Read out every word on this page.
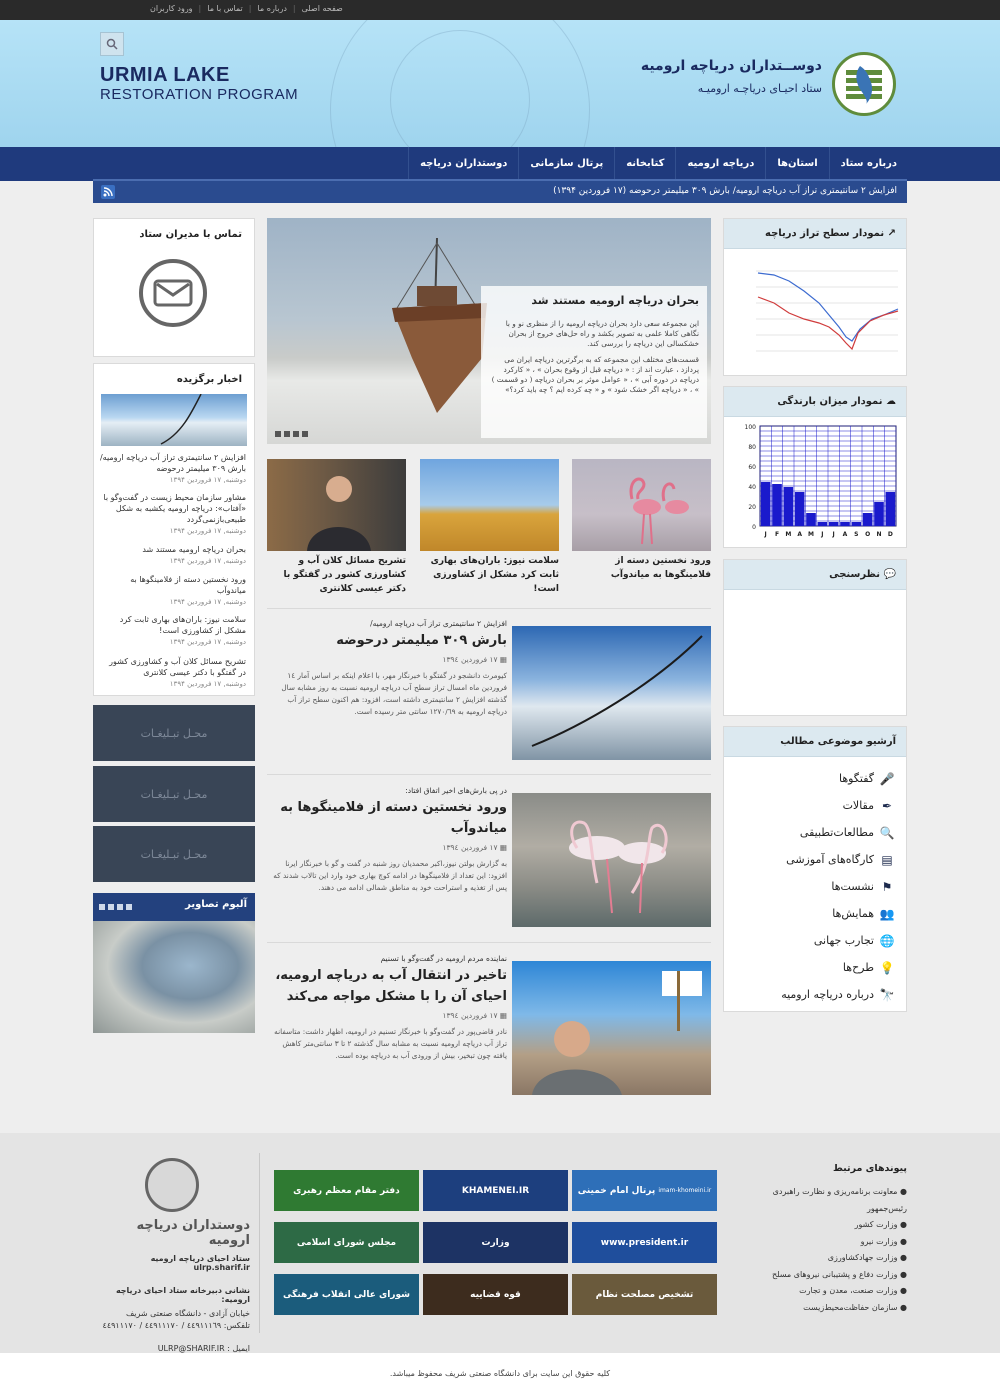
صفحه اصلی
|
درباره ما
|
تماس با ما
|
ورود کاربران
URMIA LAKE
RESTORATION PROGRAM
دوســتداران دریاچه ارومیه
ستاد احیـای دریاچـه ارومیـه
درباره ستاد
استان‌ها
دریاچه ارومیه
کتابخانه
پرتال سازمانی
دوستداران دریاچه
افزایش ۲ سانتیمتری تراز آب دریاچه ارومیه/ بارش ۳۰۹ میلیمتر درحوضه (۱۷ فروردین ۱۳۹۴)
تماس با مدیران ستاد
اخبار برگزیده
افزایش ۲ سانتیمتری تراز آب دریاچه ارومیه/بارش ۳۰۹ میلیمتر درحوضه
دوشنبه, ۱۷ فروردین ۱۳۹۴
مشاور سازمان محیط زیست در گفت‌وگو با «آفتاب»: دریاچه ارومیه یکشبه به شکل طبیعی‌بازنمی‌گردد
دوشنبه, ۱۷ فروردین ۱۳۹۴
بحران دریاچه ارومیه مستند شد
دوشنبه, ۱۷ فروردین ۱۳۹۴
ورود نخستین دسته از فلامینگوها به میاندوآب
دوشنبه, ۱۷ فروردین ۱۳۹۴
سلامت نیوز: باران‌های بهاری ثابت کرد مشکل از کشاورزی است!
دوشنبه, ۱۷ فروردین ۱۳۹۴
تشریح مسائل کلان آب و کشاورزی کشور در گفتگو با دکتر عیسی کلانتری
دوشنبه, ۱۷ فروردین ۱۳۹۴
محـل تبـلیغـات
محـل تبـلیغـات
محـل تبـلیغـات
آلبوم تصاویر
بحران دریاچه ارومیه مستند شد
این مجموعه سعی دارد بحران دریاچه ارومیه را از منظری نو و با نگاهی کاملا علمی به تصویر بکشد و راه حل‌های خروج از بحران خشکسالی این دریاچه را بررسی کند.
قسمت‌های مختلف این مجموعه که به برگرترین دریاچه ایران می پردازد ، عبارت اند از : « دریاچه قبل از وقوع بحران » ، « کارکرد دریاچه در دوره آبی » ، « عوامل موثر بر بحران دریاچه ( دو قسمت ) » ، « دریاچه اگر خشک شود » و « چه کرده ایم ؟ چه باید کرد؟»
ورود نخستین دسته از فلامینگوها به میاندوآب
سلامت نیوز: باران‌های بهاری ثابت کرد مشکل از کشاورزی است!
تشریح مسائل کلان آب و کشاورزی کشور در گفتگو با دکتر عیسی کلانتری
افزایش ۲ سانتیمتری تراز آب دریاچه ارومیه/
بارش ۳۰۹ میلیمتر درحوضه
▦ ۱۷ فروردین ۱۳۹٤
کیومرث دانشجو در گفتگو با خبرنگار مهر، با اعلام اینکه بر اساس آمار ۱٤ فروردین ماه امسال تراز سطح آب دریاچه ارومیه نسبت به روز مشابه سال گذشته افزایش ۲ سانتیمتری داشته است، افزود: هم اکنون سطح تراز آب دریاچه ارومیه به ۱۲۷۰/٦۹ سانتی متر رسیده است.
در پی بارش‌های اخیر اتفاق افتاد:
ورود نخستین دسته از فلامینگوها به میاندوآب
▦ ۱۷ فروردین ۱۳۹٤
به گزارش بولتن نیوز،اکبر محمدیان روز شنبه در گفت و گو با خبرنگار ایرنا افزود: این تعداد از فلامینگوها در ادامه کوچ بهاری خود وارد این تالاب شدند که پس از تغذیه و استراحت خود به مناطق شمالی ادامه می دهند.
نماینده مردم ارومیه در گفت‌وگو با تسنیم
تاخیر در انتقال آب به دریاچه ارومیه، احیای آن را با مشکل مواجه می‌کند
▦ ۱۷ فروردین ۱۳۹٤
نادر قاضی‌پور در گفت‌وگو با خبرنگار تسنیم در ارومیه، اظهار داشت: متاسفانه تراز آب دریاچه ارومیه نسبت به مشابه سال گذشته ۲ تا ۳ سانتی‌متر کاهش یافته چون تبخیر، بیش از ورودی آب به دریاچه بوده است.
↗ نمودار سطح تراز دریاچه
☁ نمودار میزان بارندگی
0
20
40
60
80
100
J F M A M J J A S O N D
💬 نظرسنجی
آرشیو موضوعی مطالب
🎤
گفتگوها
✒
مقالات
🔍
مطالعات‌تطبیقی
▤
کارگاه‌های آموزشی
⚑
نشست‌ها
👥
همایش‌ها
🌐
تجارب جهانی
💡
طرح‌ها
🔭
درباره دریاچه ارومیه
پیوندهای مرتبط
● معاونت برنامه‌ریزی و نظارت راهبردی رئیس‌جمهور
● وزارت کشور
● وزارت نیرو
● وزارت جهادکشاورزی
● وزارت دفاع و پشتیبانی نیروهای مسلح
● وزارت صنعت، معدن و تجارت
● سازمان حفاظت‌محیط‌زیست
پرتال امام خمینی
imam-khomeini.ir
KHAMENEI.IR
دفتر مقام معظم رهبری
www.president.ir
وزارت
مجلس شورای اسلامی
تشخیص مصلحت نظام
قوه قضاییه
شورای عالی انقلاب فرهنگی
دوستداران دریاچه ارومیه
ستاد احیای دریاچه ارومیه   ulrp.sharif.ir
نشانی دبیرخانه ستاد احیای دریاچه ارومیه:
خیابان آزادی - دانشگاه صنعتی شریف
تلفکس: ٤٤٩١١١٦٩ / ٤٤٩١١١٧٠ / ٤٤٩١١١٧٠
ایمیل : ULRP@SHARIF.IR
کلیه حقوق این سایت برای دانشگاه صنعتی شریف محفوظ میباشد.
